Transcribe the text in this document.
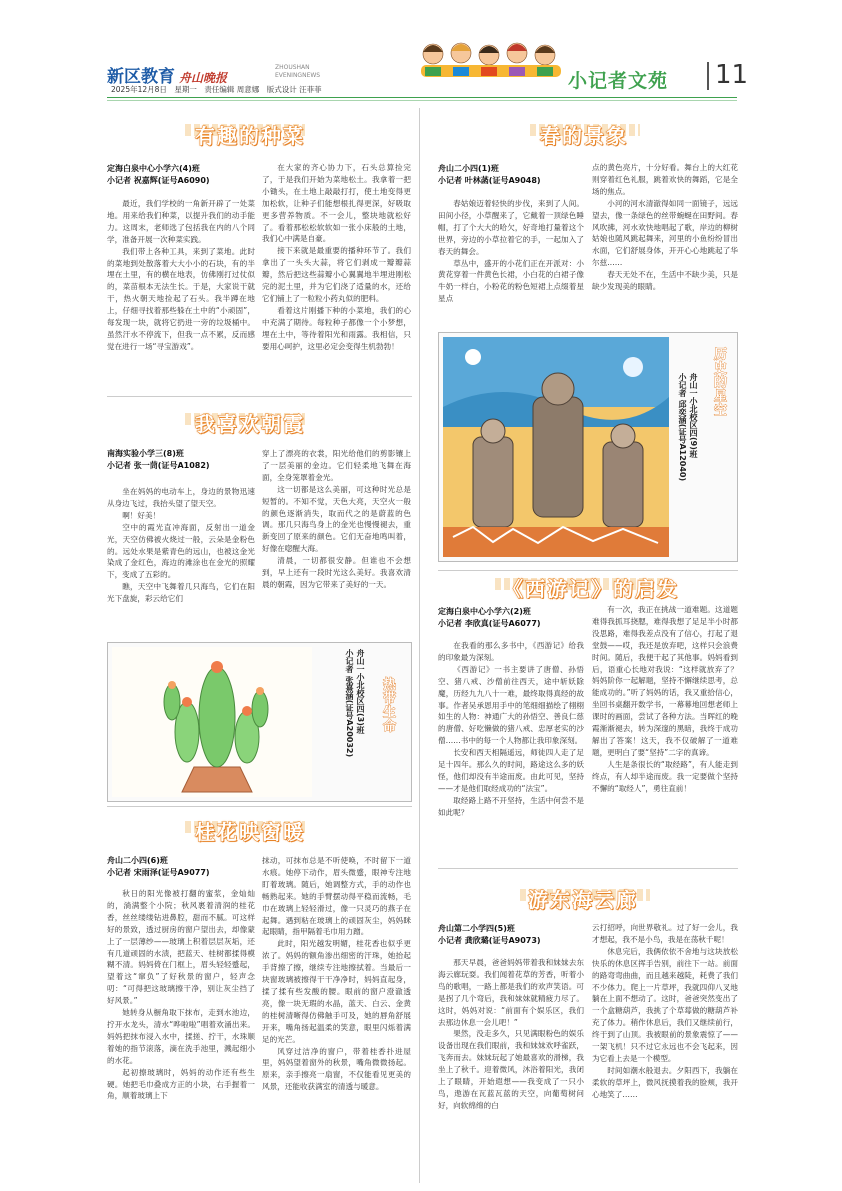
新区教育 舟山晚报
ZHOUSHAN EVENINGNEWS
2025年12月8日　星期一　责任编辑 周意娜　版式设计 汪菲菲	小记者文苑 11
有趣的种菜
定海白泉中心小学六(4)班
小记者 祝嘉辉(证号A6090)

最近，我们学校的一角新开辟了一处菜地。用来给我们种菜，以提升我们的动手能力。这周末，老师选了包括我在内的八个同学，准备开展一次种菜实践。

我们带上各种工具，来到了菜地。此时的菜地到处散落着大大小小的石块，有的半埋在土里，有的横在地表，仿佛刚打过仗似的，菜苗根本无法生长。于是，大家说干就干，热火朝天地捡起了石头。我半蹲在地上，仔细寻找着那些躲在土中的“小顽固”，每发现一块，就将它扔进一旁的垃圾桶中。虽然汗水不停流下，但我一点不累，反而感觉在进行一场“寻宝游戏”。

在大家的齐心协力下，石头总算捡完了，于是我们开始为菜地松土。我拿着一把小锄头，在土地上敲敲打打，使土地变得更加松软，让种子们能想根扎得更深，好吸取更多营养物质。不一会儿，整块地就松好了。看着那松松软软如一张小床般的土地，我们心中满是自豪。

接下来就是最重要的播种环节了。我们拿出了一头头大蒜，将它们剥成一瓣瓣蒜瓣，然后把这些蒜瓣小心翼翼地半埋进刚松完的泥土里，并为它们浇了适量的水，还给它们铺上了一粒粒小药丸似的肥料。

看着这片刚播下种的小菜地，我们的心中充满了期待。每粒种子都像一个小梦想，埋在土中，等待着阳光和雨露。我相信，只要用心呵护，这里必定会变得生机勃勃！

我喜欢朝霞
南海实验小学三(8)班
小记者 张一茼(证号A1082)

坐在妈妈的电动车上，身边的景物迅速从身边飞过，我抬头望了望天空。

啊！好美！

空中的霞光直冲海面，反射出一道金光，天空仿佛被火烧过一般，云朵是金粉色的。远处水果是紫青色的远山，也被这金光染成了金红色，海边的滩涂也在金光的照耀下，变成了五彩的。

瞧，天空中飞舞着几只海鸟，它们在阳光下盘旋，彩云给它们

穿上了漂亮的衣裳，阳光给他们的剪影镶上了一层美丽的金边。它们轻柔地飞舞在海面，全身笼罩着金光。

这一切都是这么美丽，可这种时光总是短暂的。不知不觉，天色大亮，天空火一般的颜色逐渐消失，取而代之的是蔚蓝的色调。那几只海鸟身上的金光也慢慢褪去，重新变回了原来的颜色。它们无奋地鸣叫着，好像在唿醒大海。

清晨，一切都很安静。但谁也不会想到，早上还有一段时光这么美好。我喜欢清晨的朝霞，因为它带来了美好的一天。

热带生命
舟山一小北校区四(3)班
小记者 张熹涵(证号A20032)
桂花映窗暖
舟山二小四(6)班
小记者 宋雨泽(证号A9077)

秋日的阳光像被打翻的蜜浆，金灿灿的，淌满整个小院；秋风裹着清润的桂花香，丝丝缕缕钻进鼻腔，甜而不腻。可这样好的景致，透过厨房的窗户望出去，却像蒙上了一层薄纱——玻璃上积着层层灰垢，还有几道顽固的水渍，把蓝天、桂树都揉得模糊不清。妈妈倚在门框上，眉头轻轻蹙起，望着这“窜负”了好秋景的窗户，轻声念叨：“可得把这玻璃擦干净，别让灰尘挡了好风景。”

她转身从橱角取下抹布，走到水池边，拧开水龙头，清水“哗啦啦”唱着欢涌出来。妈妈把抹布浸入水中，揉搓、拧干，水珠顺着她的指节滚落，滴在洗手池里，溅起细小的水花。

起初擦玻璃时，妈妈的动作还有些生硬。她把毛巾叠成方正的小块，右手握着一角，顺着玻璃上下

抹动，可抹布总是不听使唤，不时留下一道水痕。她停下动作，眉头微蹙，眼神专注地盯着玻璃。随后，她调整方式，手的动作也畅熟起来。她的手臂摆动得平稳而流畅，毛巾在玻璃上轻轻滑过，像一只灵巧的燕子在起舞。遇到粘在玻璃上的顽固灰尘，妈妈眯起眼睛，指甲隔着毛巾用力蹭。

此时，阳光越发明媚，桂花香也似乎更浓了。妈妈的额角渗出细密的汗珠，她抬起手背擦了擦，继续专注地擦拭着。当最后一块窗玻璃被擦得干干净净时，妈妈直起身，揉了揉有些发酸的腰。眼前的窗户澄澈透亮，像一块无瑕的水晶，蓝天、白云、金黄的桂树清晰得仿佛触手可及，她的唇角舒展开来，嘴角扬起温柔的笑意，眼里闪烁着满足的光芒。

风穿过洁净的窗户，带着桂香扑进屋里，妈妈望着窗外的秋景，嘴角微微扬起。原来，亲手擦亮一扇窗，不仅能看见更美的风景，还能收获满室的清透与暖意。

春的景象
舟山二小四(1)班
小记者 叶林菡(证号A9048)

春姑娘迈着轻快的步伐，来到了人间。田间小径，小草醒来了，它戴着一顶绿色睡帽，打了个大大的哈欠，好奇地打量着这个世界，旁边的小草拉着它的手，一起加入了春天的舞会。

草丛中，盛开的小花们正在开派对：小黄花穿着一件黄色长裙，小白花的白裙子像牛奶一样白，小粉花的粉色短裙上点缀着星星点

点的黄色亮片，十分好看。舞台上的大红花则穿着红色礼服，跳着欢快的舞蹈，它是全场的焦点。

小河的河水清澈得如同一面镜子，远远望去，像一条绿色的丝带蜿蜒在田野间。春风吹拂，河水欢快地唱起了歌，岸边的柳树姑娘也随风跳起舞来，河里的小鱼纷纷冒出水面，它们舒展身体，开开心心地跳起了华尔兹……

春天无处不在，生活中不缺少美，只是缺少发现美的眼睛。

历史的星空
舟山一小北校区四(9)班
小记者 邱奕涵(证号A12040)
《西游记》的启发
定海白泉中心小学六(2)班
小记者 李欣真(证号A6077)

在我看的那么多书中，《西游记》给我的印象最为深刻。

《西游记》一书主要讲了唐僧、孙悟空、猪八戒、沙僧前往西天，途中斩妖除魔，历经九九八十一难，最终取得真经的故事。作者吴承恩用手中的笔细细描绘了栩栩如生的人物：神通广大的孙悟空、善良仁慈的唐僧、好吃懒做的猪八戒、忠厚老实的沙僧……书中的每一个人物都让我印象深刻。

长安和西天相隔遥远，师徒四人走了足足十四年。那么久的时间，路途这么多的妖怪，他们却没有半途而废。由此可见，坚持——才是他们取经成功的“法宝”。

取经路上路不开坚持，生活中何尝不是如此呢？

有一次，我正在挑战一道难题。这道题难得我抓耳挠腮，难得我想了足足半小时都没思路，难得我差点没有了信心，打起了退堂鼓——哎，我还是放弃吧，这样只会浪费时间。随后，我便干起了其他事。妈妈看到后，语重心长地对我说：“这样就放弃了？妈妈阶你一起解题，坚持不懈继续思考，总能成功的。”听了妈妈的话，我又重拾信心，坐回书桌翻开数学书，一幕幕地回想老师上课时的画面，尝试了各种方法。当晖红的晚霞渐渐褪去，转为深邃的黑暗，我终于成功解出了答案！这天，我不仅破解了一道难题，更明白了要“坚持”二字的真谛。

人生是条很长的“取经路”，有人能走到终点，有人却半途而废。我一定要做个坚持不懈的“取经人”，勇往直前！

游东海云廊
舟山第二小学四(5)班
小记者 龚欣璐(证号A9073)

那天早晨，爸爸妈妈带着我和妹妹去东海云廊玩耍。我们闻着花草的芳香，听着小鸟的歌唱，一路上都是我们的欢声笑语。可是拐了几个弯后，我和妹妹就精疲力尽了。这时，妈妈对说：“前面有个娱乐区，我们去那边休息一会儿吧！”

果然，没走多久，只见满眼粉色的娱乐设备出现在我们眼前，我和妹妹欢呼雀跃，飞奔而去。妹妹玩起了她最喜欢的滑梯，我坐上了秋千。迎着微风，沐浴着阳光，我闭上了眼睛，开始遐想——我变成了一只小鸟，遨游在瓦蓝瓦蓝的天空，向葡萄树问好，向软绵绵的白

云打招呼，向世界敬礼。过了好一会儿，我才想起，我不是小鸟，我是在荡秋千呢！

休息完后，我俩依依不舍地与这块放松快乐的休息区挥手告别，前往下一站。前面的路弯弯曲曲，而且越来越陡，耗费了我们不少体力。爬上一片草坪，我就四仰八叉地躺在上面不想动了。这时，爸爸突然变出了一个盒糖葫芦，我挑了个草莓做的糖葫芦补充了体力。稍作休息后，我们又继续前行，终于到了山顶。我被眼前的景象震惊了——一架飞机！只不过它永远也不会飞起来，因为它看上去是一个模型。

时间如潮水般退去。夕阳西下，我躺在柔软的草坪上，微风抚摸着我的脸颊，我开心地笑了……
